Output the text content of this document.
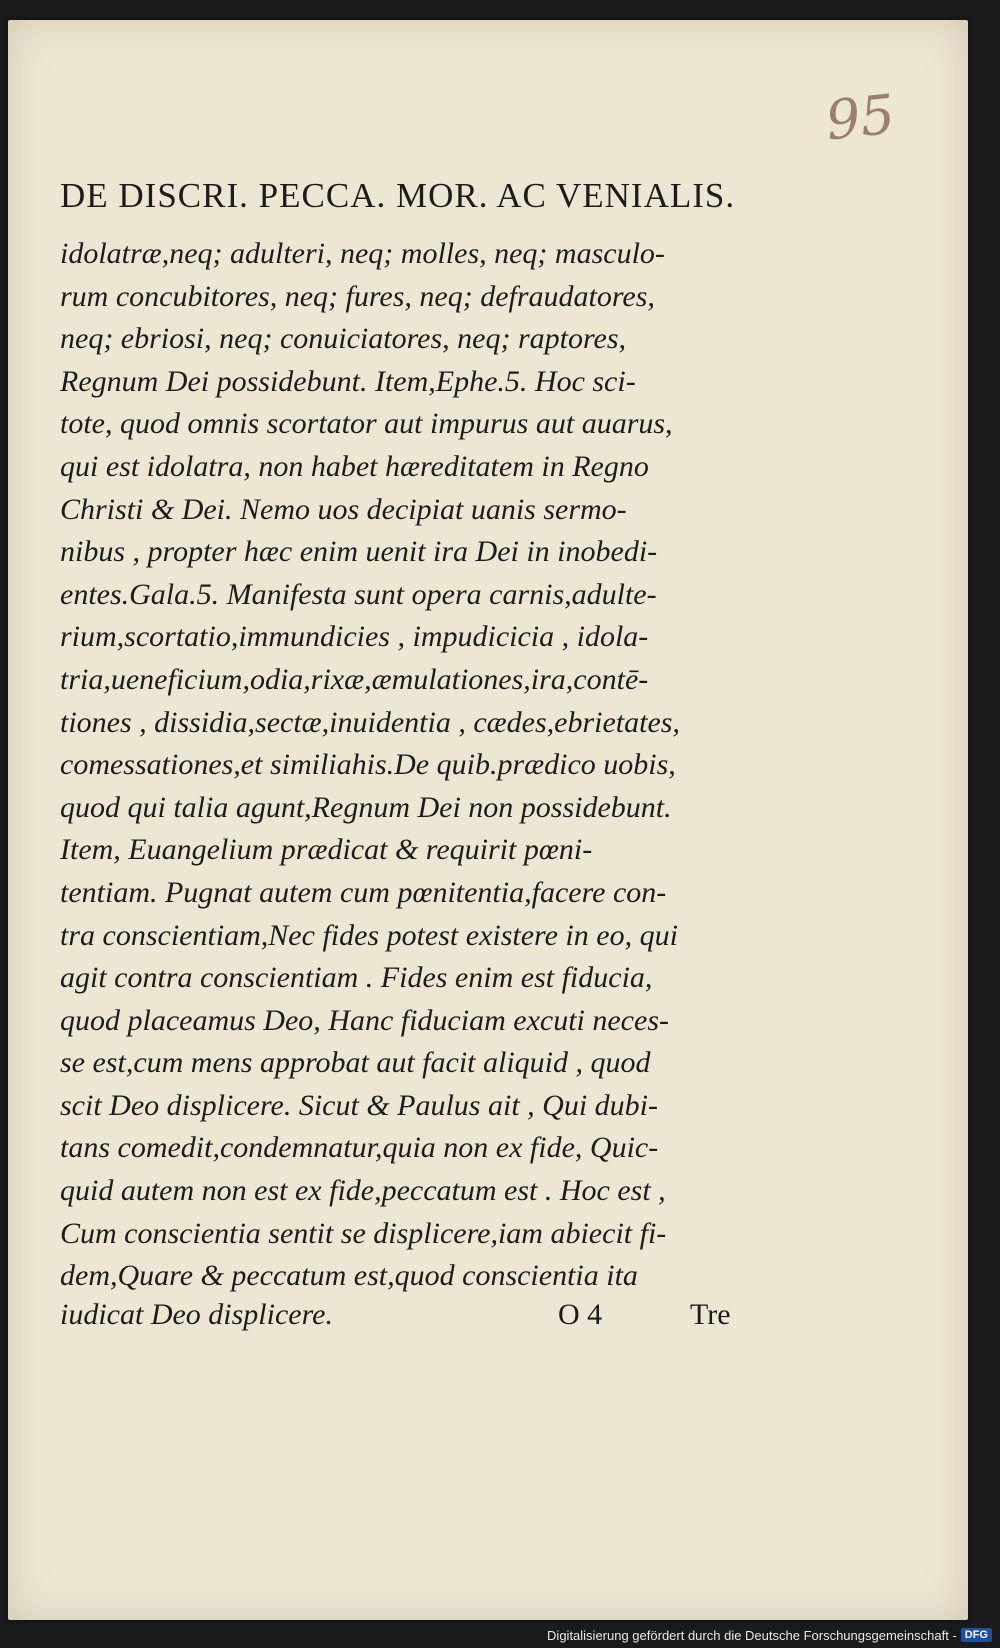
95
DE DISCRI. PECCA. MOR. AC VENIALIS.
idolatræ,neq; adulteri, neq; molles, neq; masculo-
rum concubitores, neq; fures, neq; defraudatores,
neq; ebriosi, neq; conuiciatores, neq; raptores,
Regnum Dei possidebunt. Item,Ephe.5. Hoc sci-
tote, quod omnis scortator aut impurus aut auarus,
qui est idolatra, non habet hæreditatem in Regno
Christi & Dei. Nemo uos decipiat uanis sermo-
nibus , propter hæc enim uenit ira Dei in inobedi-
entes.Gala.5. Manifesta sunt opera carnis,adulte-
rium,scortatio,immundicies , impudicicia , idola-
tria,ueneficium,odia,rixæ,æmulationes,ira,contē-
tiones , dissidia,sectæ,inuidentia , cædes,ebrietates,
comessationes,et similiahis.De quib.prædico uobis,
quod qui talia agunt,Regnum Dei non possidebunt.
Item, Euangelium prædicat & requirit pœni-
tentiam. Pugnat autem cum pœnitentia,facere con-
tra conscientiam,Nec fides potest existere in eo, qui
agit contra conscientiam . Fides enim est fiducia,
quod placeamus Deo, Hanc fiduciam excuti neces-
se est,cum mens approbat aut facit aliquid , quod
scit Deo displicere. Sicut & Paulus ait , Qui dubi-
tans comedit,condemnatur,quia non ex fide, Quic-
quid autem non est ex fide,peccatum est . Hoc est ,
Cum conscientia sentit se displicere,iam abiecit fi-
dem,Quare & peccatum est,quod conscientia ita
iudicat Deo displicere.	O 4	Tre
Digitalisierung gefördert durch die Deutsche Forschungsgemeinschaft - DFG
